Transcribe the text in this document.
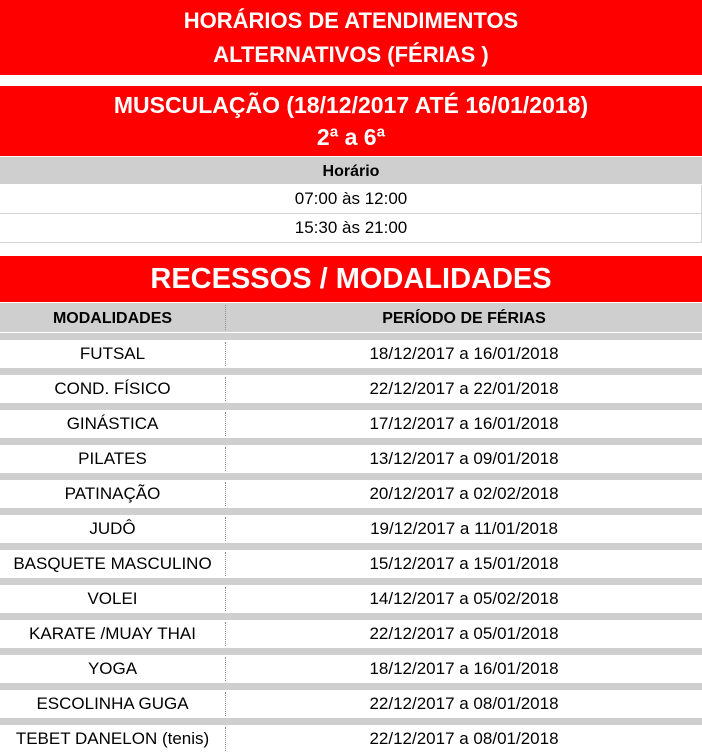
HORÁRIOS DE ATENDIMENTOS
ALTERNATIVOS (FÉRIAS )
MUSCULAÇÃO (18/12/2017 ATÉ 16/01/2018)
2ª a 6ª
Horário
07:00 às 12:00
15:30 às 21:00
RECESSOS / MODALIDADES
MODALIDADES	PERÍODO DE FÉRIAS
FUTSAL	18/12/2017 a 16/01/2018
COND. FÍSICO	22/12/2017 a 22/01/2018
GINÁSTICA	17/12/2017 a 16/01/2018
PILATES	13/12/2017 a 09/01/2018
PATINAÇÃO	20/12/2017 a 02/02/2018
JUDÔ	19/12/2017 a 11/01/2018
BASQUETE MASCULINO	15/12/2017 a 15/01/2018
VOLEI	14/12/2017 a 05/02/2018
KARATE /MUAY THAI	22/12/2017 a 05/01/2018
YOGA	18/12/2017 a 16/01/2018
ESCOLINHA GUGA	22/12/2017 a 08/01/2018
TEBET DANELON (tenis)	22/12/2017 a 08/01/2018
